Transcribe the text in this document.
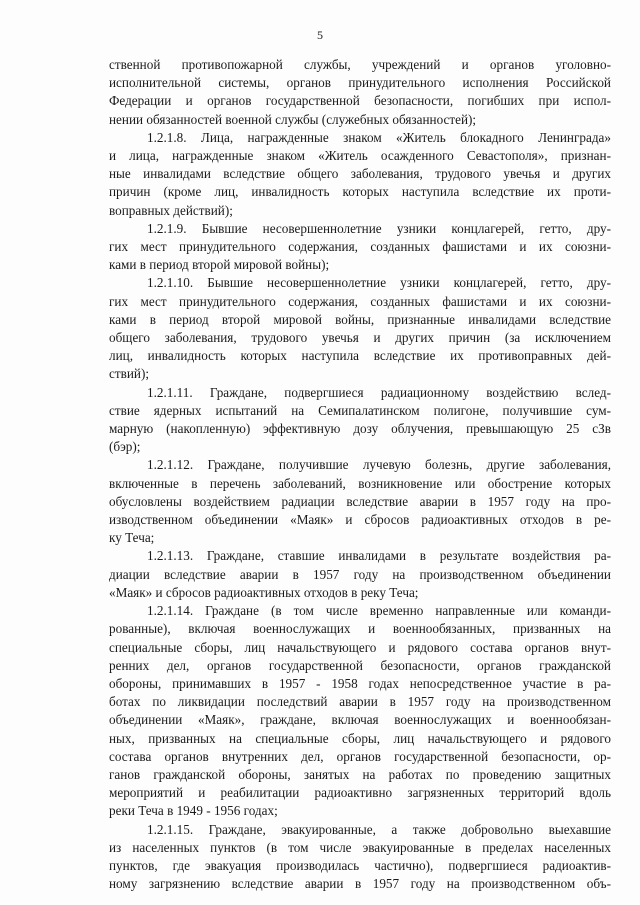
5

ственной противопожарной службы, учреждений и органов уголовно-
исполнительной системы, органов принудительного исполнения Российской
Федерации и органов государственной безопасности, погибших при испол-
нении обязанностей военной службы (служебных обязанностей);

1.2.1.8. Лица, награжденные знаком «Житель блокадного Ленинграда»
и лица, награжденные знаком «Житель осажденного Севастополя», признан-
ные инвалидами вследствие общего заболевания, трудового увечья и других
причин (кроме лиц, инвалидность которых наступила вследствие их проти-
воправных действий);

1.2.1.9. Бывшие несовершеннолетние узники концлагерей, гетто, дру-
гих мест принудительного содержания, созданных фашистами и их союзни-
ками в период второй мировой войны);

1.2.1.10. Бывшие несовершеннолетние узники концлагерей, гетто, дру-
гих мест принудительного содержания, созданных фашистами и их союзни-
ками в период второй мировой войны, признанные инвалидами вследствие
общего заболевания, трудового увечья и других причин (за исключением
лиц, инвалидность которых наступила вследствие их противоправных дей-
ствий);

1.2.1.11. Граждане, подвергшиеся радиационному воздействию вслед-
ствие ядерных испытаний на Семипалатинском полигоне, получившие сум-
марную (накопленную) эффективную дозу облучения, превышающую 25 сЗв
(бэр);

1.2.1.12. Граждане, получившие лучевую болезнь, другие заболевания,
включенные в перечень заболеваний, возникновение или обострение которых
обусловлены воздействием радиации вследствие аварии в 1957 году на про-
изводственном объединении «Маяк» и сбросов радиоактивных отходов в ре-
ку Теча;

1.2.1.13. Граждане, ставшие инвалидами в результате воздействия ра-
диации вследствие аварии в 1957 году на производственном объединении
«Маяк» и сбросов радиоактивных отходов в реку Теча;

1.2.1.14. Граждане (в том числе временно направленные или команди-
рованные), включая военнослужащих и военнообязанных, призванных на
специальные сборы, лиц начальствующего и рядового состава органов внут-
ренних дел, органов государственной безопасности, органов гражданской
обороны, принимавших в 1957 - 1958 годах непосредственное участие в ра-
ботах по ликвидации последствий аварии в 1957 году на производственном
объединении «Маяк», граждане, включая военнослужащих и военнообязан-
ных, призванных на специальные сборы, лиц начальствующего и рядового
состава органов внутренних дел, органов государственной безопасности, ор-
ганов гражданской обороны, занятых на работах по проведению защитных
мероприятий и реабилитации радиоактивно загрязненных территорий вдоль
реки Теча в 1949 - 1956 годах;

1.2.1.15. Граждане, эвакуированные, а также добровольно выехавшие
из населенных пунктов (в том числе эвакуированные в пределах населенных
пунктов, где эвакуация производилась частично), подвергшиеся радиоактив-
ному загрязнению вследствие аварии в 1957 году на производственном объ-
